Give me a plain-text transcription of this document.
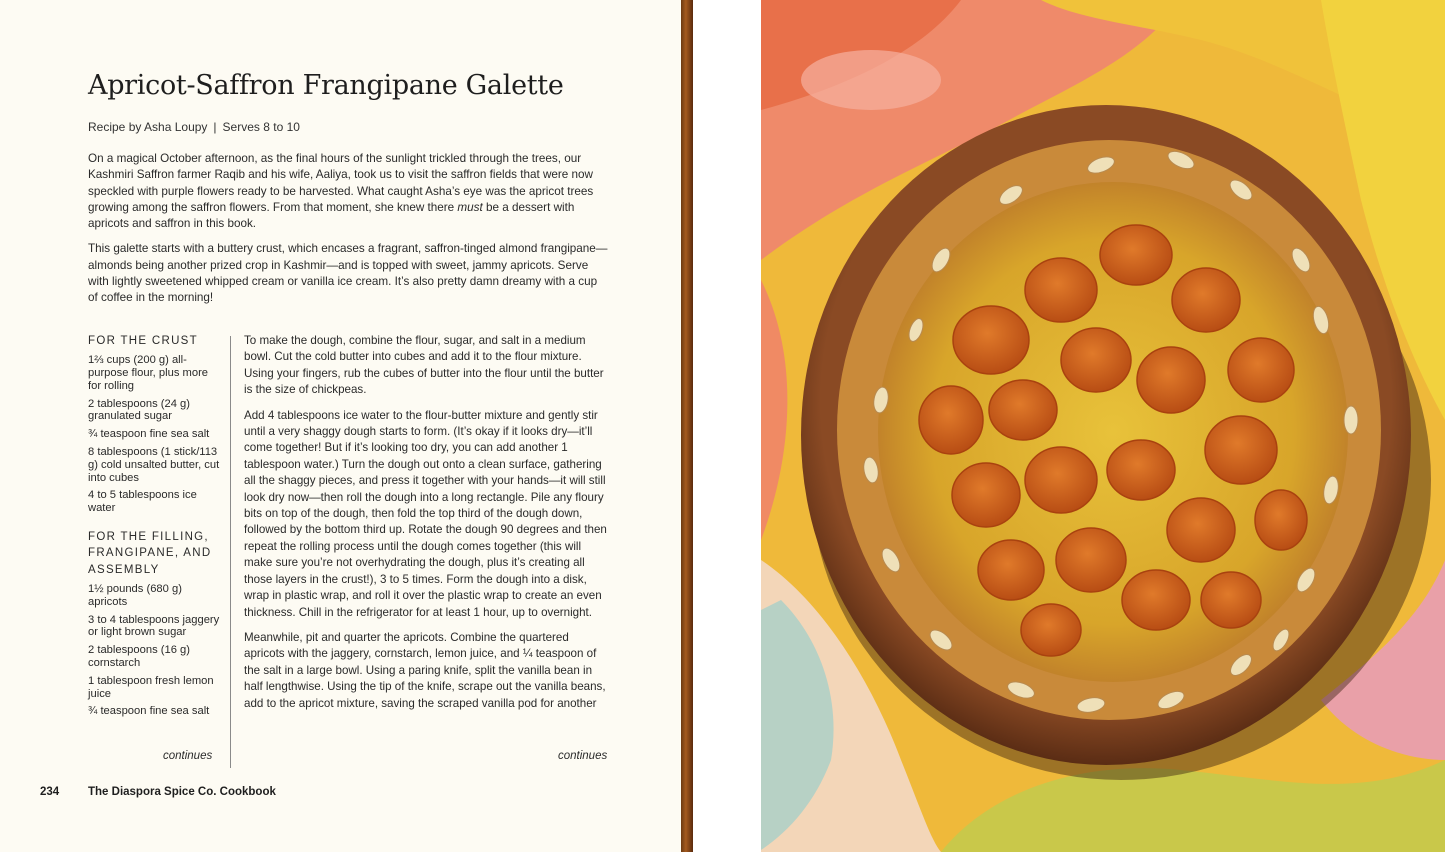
Apricot-Saffron Frangipane Galette
Recipe by Asha Loupy | Serves 8 to 10

On a magical October afternoon, as the final hours of the sunlight trickled through the trees, our Kashmiri Saffron farmer Raqib and his wife, Aaliya, took us to visit the saffron fields that were now speckled with purple flowers ready to be harvested. What caught Asha’s eye was the apricot trees growing among the saffron flowers. From that moment, she knew there must be a dessert with apricots and saffron in this book.

This galette starts with a buttery crust, which encases a fragrant, saffron-tinged almond frangipane—almonds being another prized crop in Kashmir—and is topped with sweet, jammy apricots. Serve with lightly sweetened whipped cream or vanilla ice cream. It’s also pretty damn dreamy with a cup of coffee in the morning!

FOR THE CRUST
1⅔ cups (200 g) all-purpose flour, plus more for rolling
2 tablespoons (24 g) granulated sugar
¾ teaspoon fine sea salt
8 tablespoons (1 stick/113 g) cold unsalted butter, cut into cubes
4 to 5 tablespoons ice water
FOR THE FILLING, FRANGIPANE, AND ASSEMBLY
1½ pounds (680 g) apricots
3 to 4 tablespoons jaggery or light brown sugar
2 tablespoons (16 g) cornstarch
1 tablespoon fresh lemon juice
¾ teaspoon fine sea salt
continues

To make the dough, combine the flour, sugar, and salt in a medium bowl. Cut the cold butter into cubes and add it to the flour mixture. Using your fingers, rub the cubes of butter into the flour until the butter is the size of chickpeas.

Add 4 tablespoons ice water to the flour-butter mixture and gently stir until a very shaggy dough starts to form. (It’s okay if it looks dry—it’ll come together! But if it’s looking too dry, you can add another 1 tablespoon water.) Turn the dough out onto a clean surface, gathering all the shaggy pieces, and press it together with your hands—it will still look dry now—then roll the dough into a long rectangle. Pile any floury bits on top of the dough, then fold the top third of the dough down, followed by the bottom third up. Rotate the dough 90 degrees and then repeat the rolling process until the dough comes together (this will make sure you’re not overhydrating the dough, plus it’s creating all those layers in the crust!), 3 to 5 times. Form the dough into a disk, wrap in plastic wrap, and roll it over the plastic wrap to create an even thickness. Chill in the refrigerator for at least 1 hour, up to overnight.

Meanwhile, pit and quarter the apricots. Combine the quartered apricots with the jaggery, cornstarch, lemon juice, and ¼ teaspoon of the salt in a large bowl. Using a paring knife, split the vanilla bean in half lengthwise. Using the tip of the knife, scrape out the vanilla beans, add to the apricot mixture, saving the scraped vanilla pod for another

continues
234	The Diaspora Spice Co. Cookbook
